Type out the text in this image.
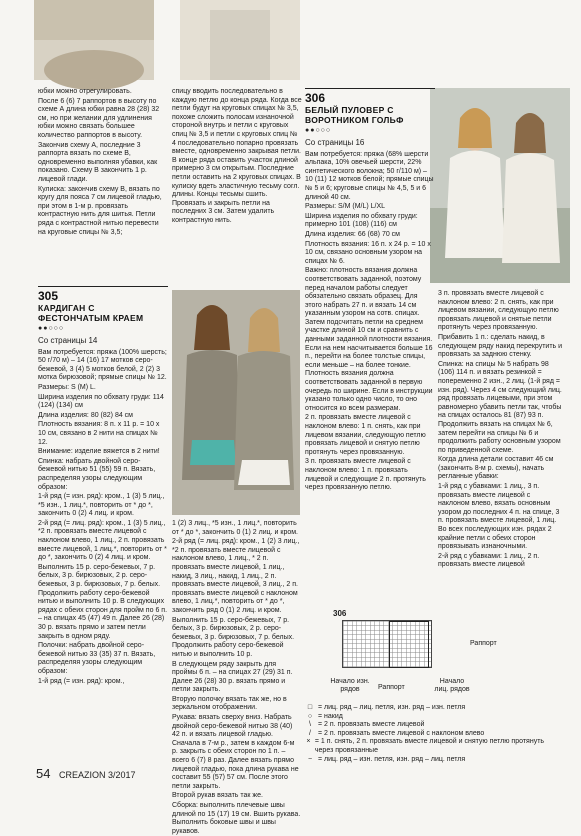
юбки можно отрегулировать.

После 6 (6) 7 раппортов в высоту по схеме А длина юбки равна 28 (28) 32 см, но при желании для удлинения юбки можно связать большее количество раппортов в высоту.

Закончив схему А, последние 3 раппорта вязать по схеме В, одновременно выполняя убавки, как показано. Схему В закончить 1 р. лицевой глади.

Кулиска: закончив схему В, вязать по кругу для пояса 7 см лицевой гладью, при этом в 1-м р. провязать контрастную нить для шитья. Петли ряда с контрастной нитью перевести на круговые спицы № 3,5;

305
КАРДИГАН С ФЕСТОНЧАТЫМ КРАЕМ
●●○○○
Со страницы 14

Вам потребуется: пряжа (100% шерсть; 50 г/70 м) – 14 (16) 17 мотков серо-бежевой, 3 (4) 5 мотков белой, 2 (2) 3 мотка бирюзовой; прямые спицы № 12.

Размеры: S (M) L.

Ширина изделия по обхвату груди: 114 (124) (134) см

Длина изделия: 80 (82) 84 см

Плотность вязания: 8 п. x 11 р. = 10 x 10 см, связано в 2 нити на спицах № 12.

Внимание: изделие вяжется в 2 нити!

Спинка: набрать двойной серо-бежевой нитью 51 (55) 59 п. Вязать, распределяя узоры следующим образом:

1-й ряд (= изн. ряд): кром., 1 (3) 5 лиц., *5 изн., 1 лиц.*, повторить от * до *, закончить 0 (2) 4 лиц. и кром.

2-й ряд (= лиц. ряд): кром., 1 (3) 5 лиц., *2 п. провязать вместе лицевой с наклоном влево, 1 лиц., 2 п. провязать вместе лицевой, 1 лиц.*, повторить от * до *, закончить 0 (2) 4 лиц. и кром.

Выполнить 15 р. серо-бежевых, 7 р. белых, 3 р. бирюзовых, 2 р. серо-бежевых, 3 р. бирюзовых, 7 р. белых. Продолжить работу серо-бежевой нитью и выполнить 10 р. В следующих рядах с обеих сторон для пройм по 6 п. – на спицах 45 (47) 49 п. Далее 26 (28) 30 р. вязать прямо и затем петли закрыть в одном ряду.

Полочки: набрать двойной серо-бежевой нитью 33 (35) 37 п. Вязать, распределяя узоры следующим образом:

1-й ряд (= изн. ряд): кром.,

спицу вводить последовательно в каждую петлю до конца ряда. Когда все петли будут на круговых спицах № 3,5, похоже сложить полосам изнаночной стороной внутрь и петли с круговых спиц № 3,5 и петли с круговых спиц № 4 последовательно попарно провязать вместе, одновременно закрывая петли. В конце ряда оставить участок длиной примерно 3 см открытым. Последние петли оставить на 2 круговых спицах. В кулиску вдеть эластичную тесьму согл. длины. Концы тесьмы сшить. Провязать и закрыть петли на последних 3 см. Затем удалить контрастную нить.

1 (2) 3 лиц., *5 изн., 1 лиц.*, повторить от * до *, закончить 0 (1) 2 лиц. и кром.

2-й ряд (= лиц. ряд): кром., 1 (2) 3 лиц., *2 п. провязать вместе лицевой с наклоном влево, 1 лиц., * 2 п. провязать вместе лицевой, 1 лиц., накид, 3 лиц., накид, 1 лиц., 2 п. провязать вместе лицевой, 3 лиц., 2 п. провязать вместе лицевой с наклоном влево, 1 лиц.*, повторить от * до *, закончить ряд 0 (1) 2 лиц. и кром.

Выполнить 15 р. серо-бежевых, 7 р. белых, 3 р. бирюзовых, 2 р. серо-бежевых, 3 р. бирюзовых, 7 р. белых. Продолжить работу серо-бежевой нитью и выполнить 10 р.

В следующем ряду закрыть для проймы 6 п. – на спицах 27 (29) 31 п. Далее 26 (28) 30 р. вязать прямо и петли закрыть.

Вторую полочку вязать так же, но в зеркальном отображении.

Рукава: вязать сверху вниз. Набрать двойной серо-бежевой нитью 38 (40) 42 п. и вязать лицевой гладью. Сначала в 7-м р., затем в каждом 6-м р. закрыть с обеих сторон по 1 п. – всего 6 (7) 8 раз. Далее вязать прямо лицевой гладью, пока длина рукава не составит 55 (57) 57 см. После этого петли закрыть.

Второй рукав вязать так же.

Сборка: выполнить плечевые швы длиной по 15 (17) 19 см. Вшить рукава. Выполнить боковые швы и швы рукавов.

306
БЕЛЫЙ ПУЛОВЕР С ВОРОТНИКОМ ГОЛЬФ
●●○○○
Со страницы 16

Вам потребуется: пряжа (68% шерсти альпака, 10% овечьей шерсти, 22% синтетического волокна; 50 г/110 м) – 10 (11) 12 мотков белой; прямые спицы № 5 и 6; круговые спицы № 4,5, 5 и 6 длиной 40 см.

Размеры: S/M (M/L) L/XL

Ширина изделия по обхвату груди: примерно 101 (108) (116) см

Длина изделия: 66 (68) 70 см

Плотность вязания: 16 п. x 24 р. = 10 x 10 см, связано основным узором на спицах № 6.

Важно: плотность вязания должна соответствовать заданной, поэтому перед началом работы следует обязательно связать образец. Для этого набрать 27 п. и вязать 14 см указанным узором на сотв. спицах. Затем подсчитать петли на среднем участке длиной 10 см и сравнить с данными заданной плотности вязания. Если на нем насчитывается больше 16 п., перейти на более толстые спицы, если меньше – на более тонкие. Плотность вязания должна соответствовать заданной в первую очередь по ширине. Если в инструкции указано только одно число, то оно относится ко всем размерам.

2 п. провязать вместе лицевой с наклоном влево: 1 п. снять, как при лицевом вязании, следующую петлю провязать лицевой и снятую петлю протянуть через провязанную.

3 п. провязать вместе лицевой с наклоном влево: 1 п. провязать лицевой и следующие 2 п. протянуть через провязанную петлю.

3 п. провязать вместе лицевой с наклоном влево: 2 п. снять, как при лицевом вязании, следующую петлю провязать лицевой и снятые петли протянуть через провязанную.

Прибавить 1 п.: сделать накид, в следующем ряду накид перекрутить и провязать за заднюю стенку.

Спинка: на спицы № 5 набрать 98 (106) 114 п. и вязать резинкой = попеременно 2 изн., 2 лиц. (1-й ряд = изн. ряд). Через 4 см следующий лиц. ряд провязать лицевыми, при этом равномерно убавить петли так, чтобы на спицах осталось 81 (87) 93 п. Продолжить вязать на спицах № 6, затем перейти на спицы № 6 и продолжить работу основным узором по приведенной схеме.

Когда длина детали составит 46 см (закончить 8-м р. схемы), начать регланные убавки:

1-й ряд с убавками: 1 лиц., 3 п. провязать вместе лицевой с наклоном влево, вязать основным узором до последних 4 п. на спице, 3 п. провязать вместе лицевой, 1 лиц. Во всех последующих изн. рядах 2 крайние петли с обеих сторон провязывать изнаночными.

2-й ряд с убавками: 1 лиц., 2 п. провязать вместе лицевой

306
Раппорт
Раппорт
Начало изн. рядов
Начало лиц. рядов
□ = лиц. ряд – лиц. петля, изн. ряд – изн. петля
○ = накид
\	= 2 п. провязать вместе лицевой
/	= 2 п. провязать вместе лицевой с наклоном влево
× = 1 п. снять, 2 п. провязать вместе лицевой и снятую петлю протянуть через провязанные
− = лиц. ряд – изн. петля, изн. ряд – лиц. петля
54 CREAZION 3/2017
